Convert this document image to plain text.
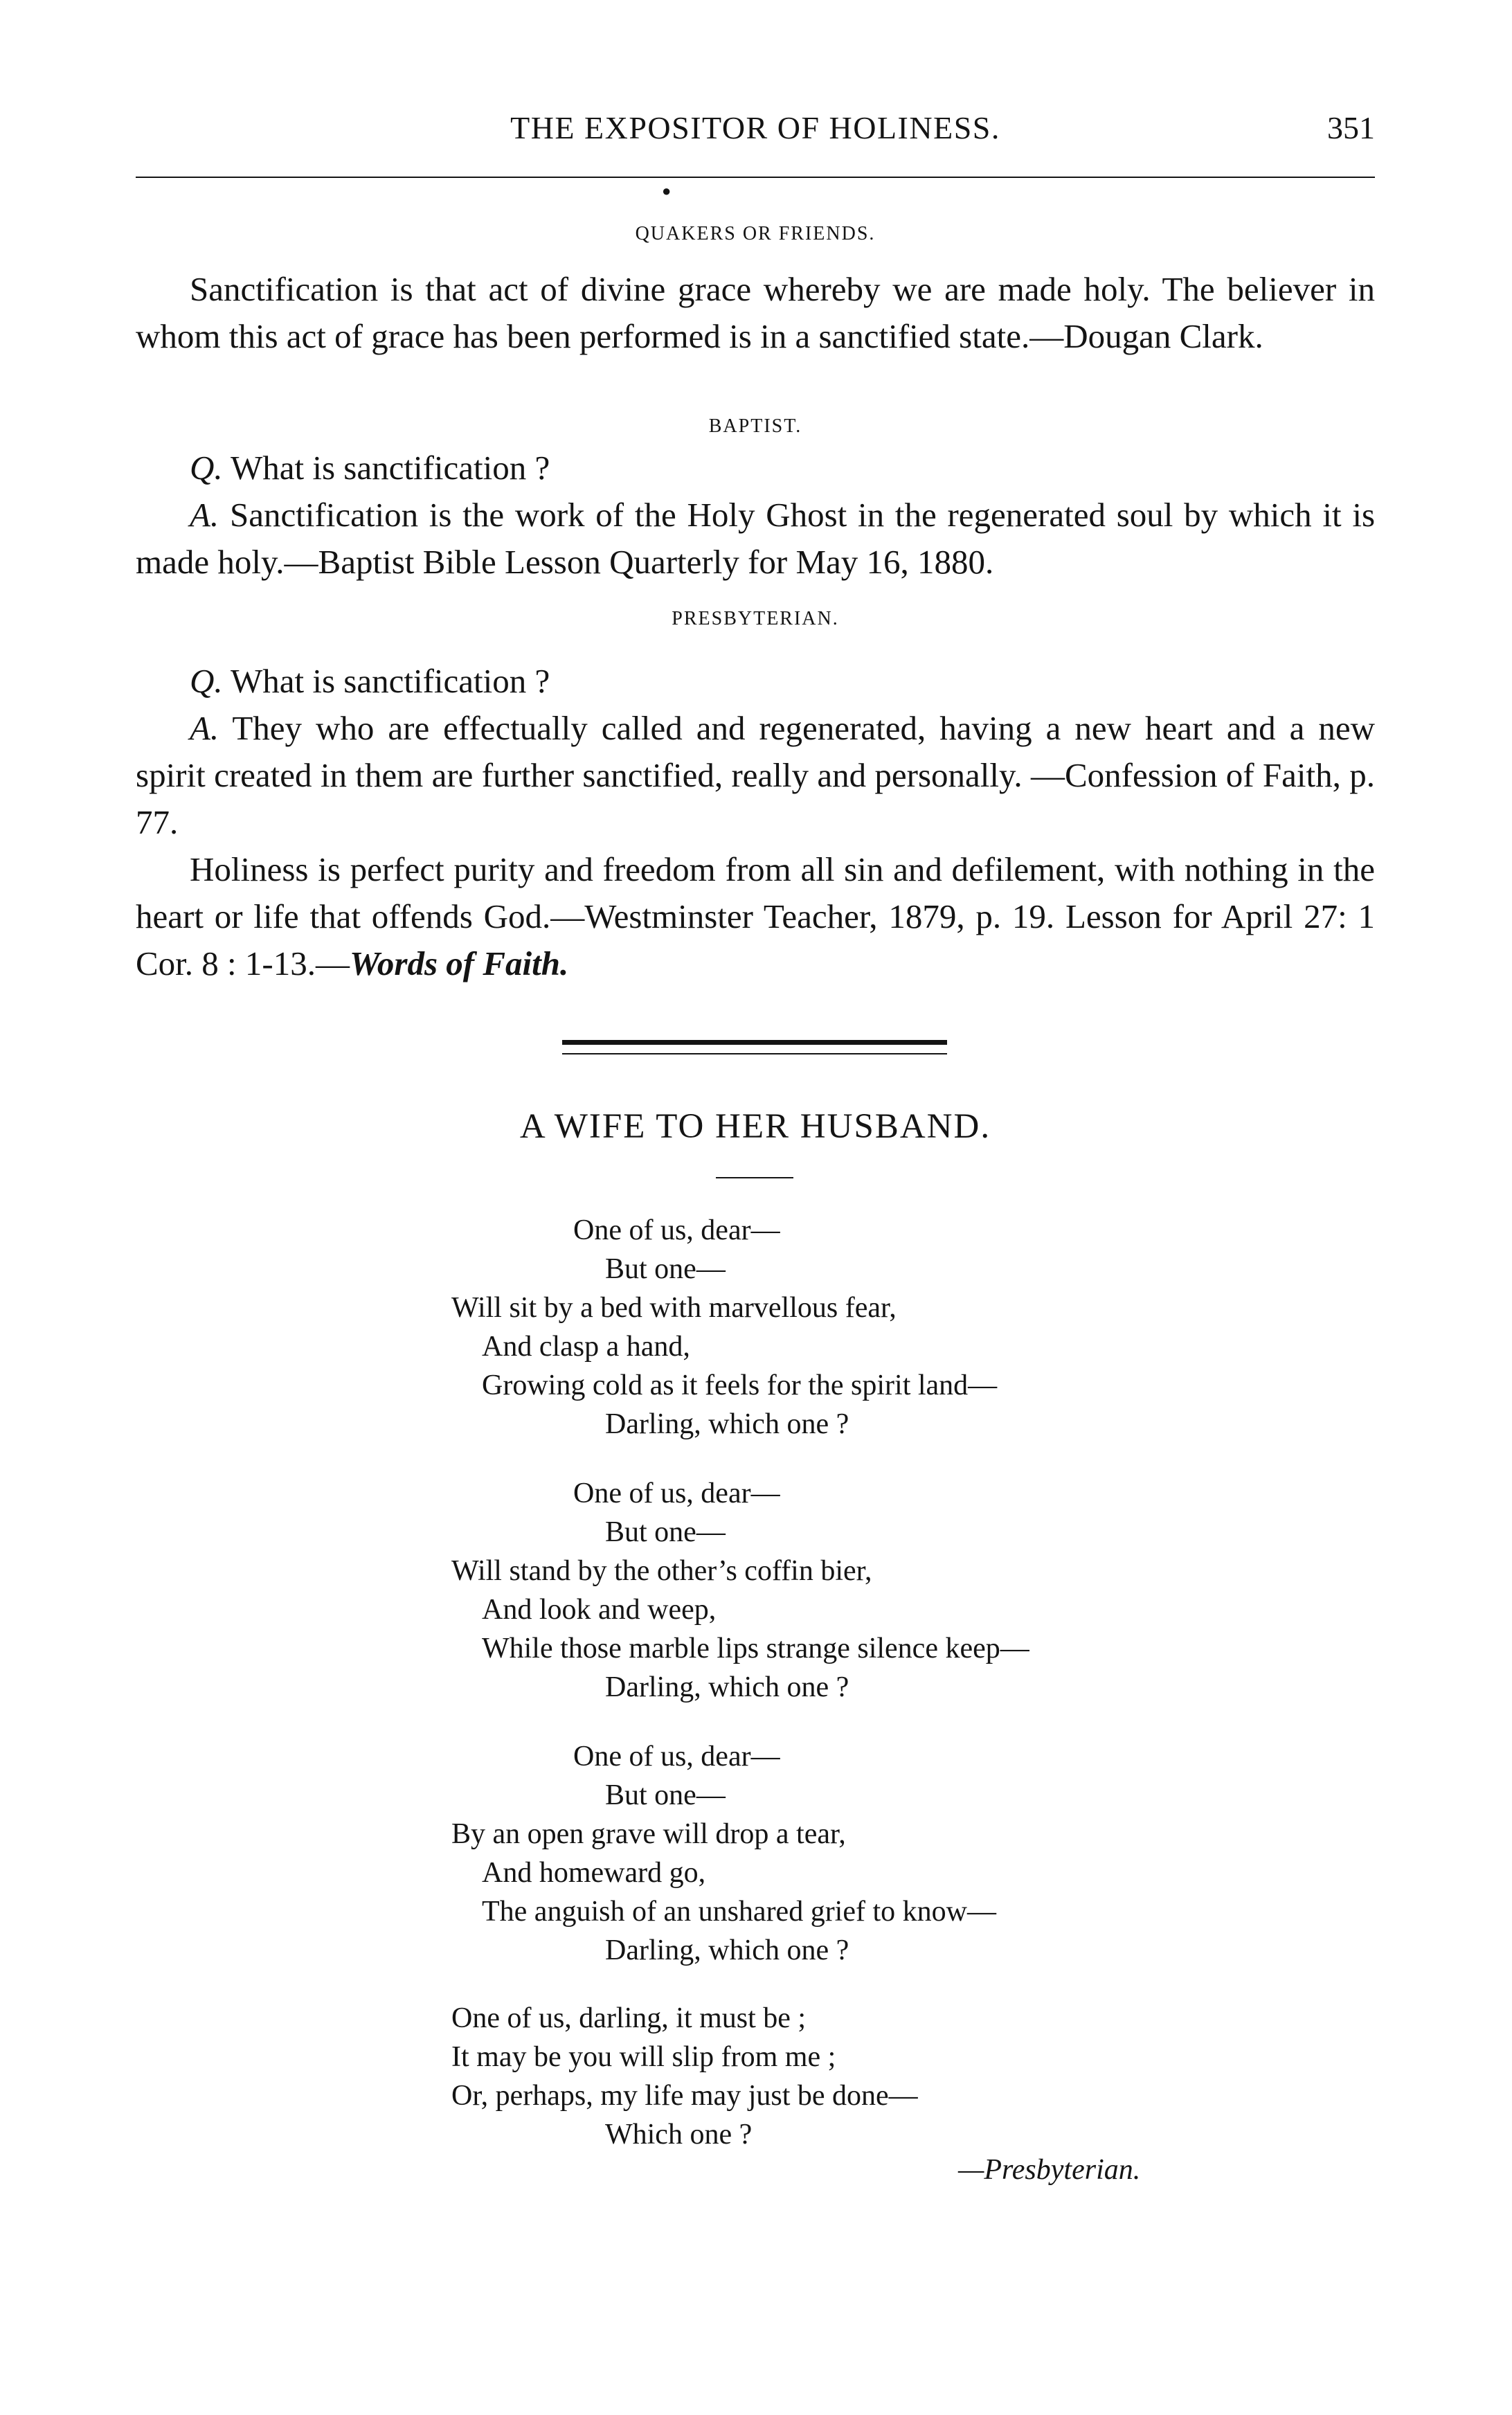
THE EXPOSITOR OF HOLINESS.	351
●
QUAKERS OR FRIENDS.
Sanctification is that act of divine grace whereby we are made holy. The believer in whom this act of grace has been performed is in a sanctified state.—Dougan Clark.
BAPTIST.
Q. What is sanctification ?
A. Sanctification is the work of the Holy Ghost in the regenerated soul by which it is made holy.—Baptist Bible Lesson Quarterly for May 16, 1880.
PRESBYTERIAN.
Q. What is sanctification ?
A. They who are effectually called and regenerated, having a new heart and a new spirit created in them are further sanctified, really and personally. —Confession of Faith, p. 77.
Holiness is perfect purity and freedom from all sin and defilement, with nothing in the heart or life that offends God.—Westminster Teacher, 1879, p. 19. Lesson for April 27: 1 Cor. 8 : 1-13.—Words of Faith.
A WIFE TO HER HUSBAND.
One of us, dear—
But one—
Will sit by a bed with marvellous fear,
And clasp a hand,
Growing cold as it feels for the spirit land—
Darling, which one ?
One of us, dear—
But one—
Will stand by the other’s coffin bier,
And look and weep,
While those marble lips strange silence keep—
Darling, which one ?
One of us, dear—
But one—
By an open grave will drop a tear,
And homeward go,
The anguish of an unshared grief to know—
Darling, which one ?
One of us, darling, it must be ;
It may be you will slip from me ;
Or, perhaps, my life may just be done—
Which one ?
—Presbyterian.
